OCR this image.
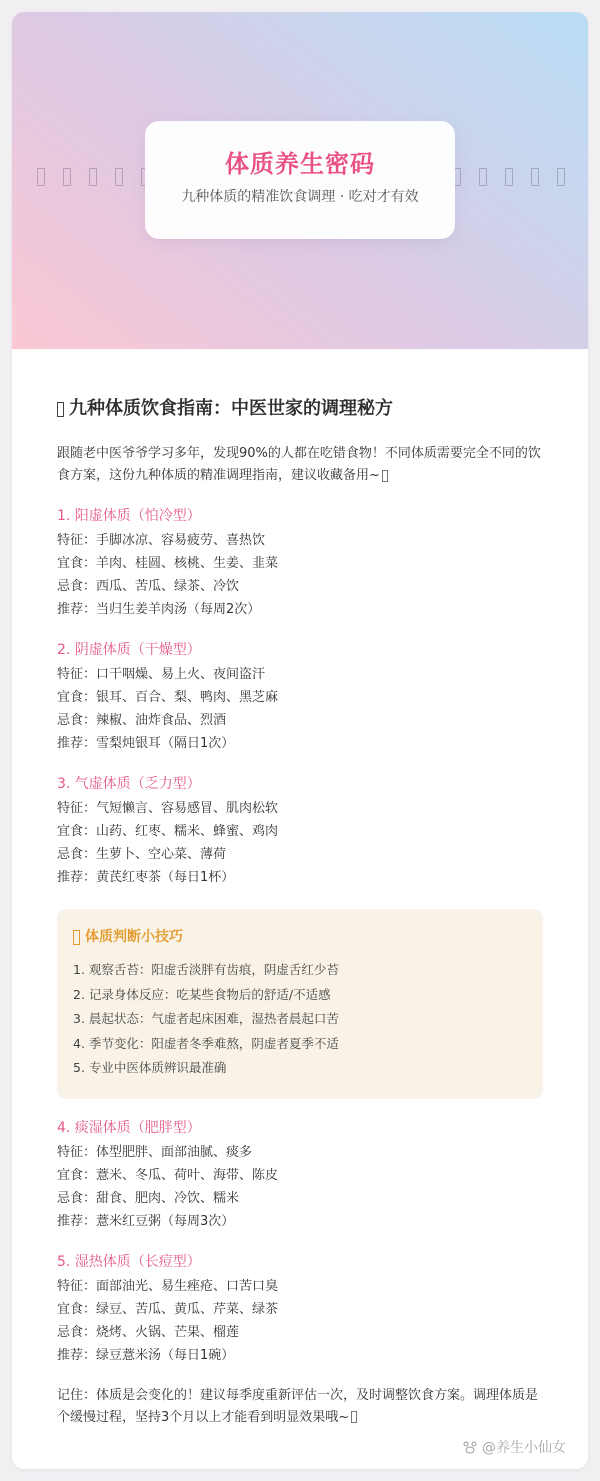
体质养生密码
九种体质的精准饮食调理 · 吃对才有效
九种体质饮食指南：中医世家的调理秘方
跟随老中医爷爷学习多年，发现90%的人都在吃错食物！不同体质需要完全不同的饮食方案，这份九种体质的精准调理指南，建议收藏备用~
1. 阳虚体质（怕冷型）
特征：手脚冰凉、容易疲劳、喜热饮
宜食：羊肉、桂圆、核桃、生姜、韭菜
忌食：西瓜、苦瓜、绿茶、冷饮
推荐：当归生姜羊肉汤（每周2次）
2. 阴虚体质（干燥型）
特征：口干咽燥、易上火、夜间盗汗
宜食：银耳、百合、梨、鸭肉、黑芝麻
忌食：辣椒、油炸食品、烈酒
推荐：雪梨炖银耳（隔日1次）
3. 气虚体质（乏力型）
特征：气短懒言、容易感冒、肌肉松软
宜食：山药、红枣、糯米、蜂蜜、鸡肉
忌食：生萝卜、空心菜、薄荷
推荐：黄芪红枣茶（每日1杯）
体质判断小技巧
1. 观察舌苔：阳虚舌淡胖有齿痕，阴虚舌红少苔
2. 记录身体反应：吃某些食物后的舒适/不适感
3. 晨起状态：气虚者起床困难，湿热者晨起口苦
4. 季节变化：阳虚者冬季难熬，阴虚者夏季不适
5. 专业中医体质辨识最准确
4. 痰湿体质（肥胖型）
特征：体型肥胖、面部油腻、痰多
宜食：薏米、冬瓜、荷叶、海带、陈皮
忌食：甜食、肥肉、冷饮、糯米
推荐：薏米红豆粥（每周3次）
5. 湿热体质（长痘型）
特征：面部油光、易生痤疮、口苦口臭
宜食：绿豆、苦瓜、黄瓜、芹菜、绿茶
忌食：烧烤、火锅、芒果、榴莲
推荐：绿豆薏米汤（每日1碗）
记住：体质是会变化的！建议每季度重新评估一次，及时调整饮食方案。调理体质是个缓慢过程，坚持3个月以上才能看到明显效果哦~
@养生小仙女
